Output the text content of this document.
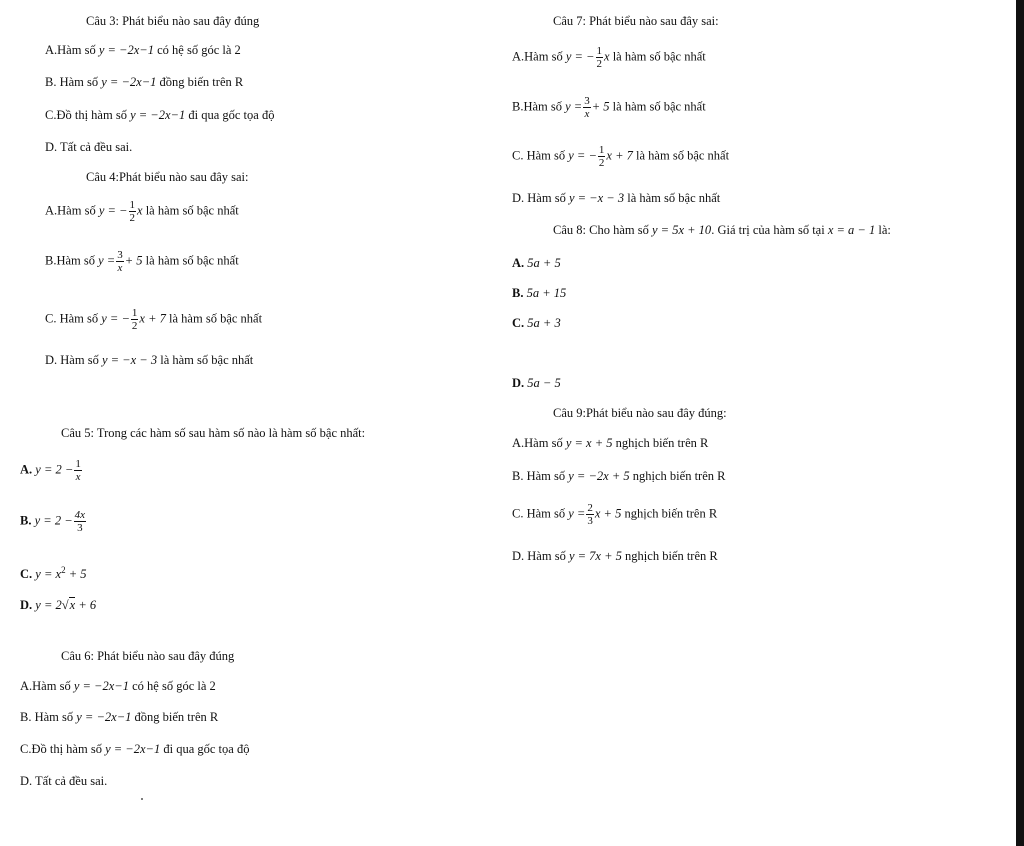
Câu 3: Phát biểu nào sau đây đúng
A.Hàm số y = −2x−1 có hệ số góc là 2
B. Hàm số y = −2x−1 đồng biến trên R
C.Đồ thị hàm số y = −2x−1 đi qua gốc tọa độ
D. Tất cả đều sai.
Câu 4:Phát biểu nào sau đây sai:
A.Hàm số y = − $\frac{1}{2}$ x là hàm số bậc nhất
B.Hàm số $y = \frac{3}{x} + 5$ là hàm số bậc nhất
C. Hàm số y = − $\frac{1}{2}$ x + 7 là hàm số bậc nhất
D. Hàm số y = −x − 3 là hàm số bậc nhất
Câu 5: Trong các hàm số sau hàm số nào là hàm số bậc nhất:
A. $y = 2 - \frac{1}{x}$
B. $y = 2 - \frac{4x}{3}$
C. $y = x^2 + 5$
D. y = 2√x + 6
Câu 6: Phát biểu nào sau đây đúng
A.Hàm số y = −2x−1 có hệ số góc là 2
B. Hàm số y = −2x−1 đồng biến trên R
C.Đồ thị hàm số y = −2x−1 đi qua gốc tọa độ
D. Tất cả đều sai.
Câu 7: Phát biểu nào sau đây sai:
A.Hàm số y = − $\frac{1}{2}$ x là hàm số bậc nhất
B.Hàm số $y = \frac{3}{x} + 5$ là hàm số bậc nhất
C. Hàm số y = − $\frac{1}{2}$ x + 7 là hàm số bậc nhất
D. Hàm số y = −x − 3 là hàm số bậc nhất
Câu 8: Cho hàm số y = 5x + 10. Giá trị của hàm số tại x = a − 1 là:
A. 5a + 5
B. 5a + 15
C. 5a + 3
D. 5a − 5
Câu 9:Phát biểu nào sau đây đúng:
A.Hàm số y = x + 5 nghịch biến trên R
B. Hàm số y = −2x + 5 nghịch biến trên R
C. Hàm số $y = \frac{2}{3}$ x + 5 nghịch biến trên R
D. Hàm số y = 7x + 5 nghịch biến trên R
